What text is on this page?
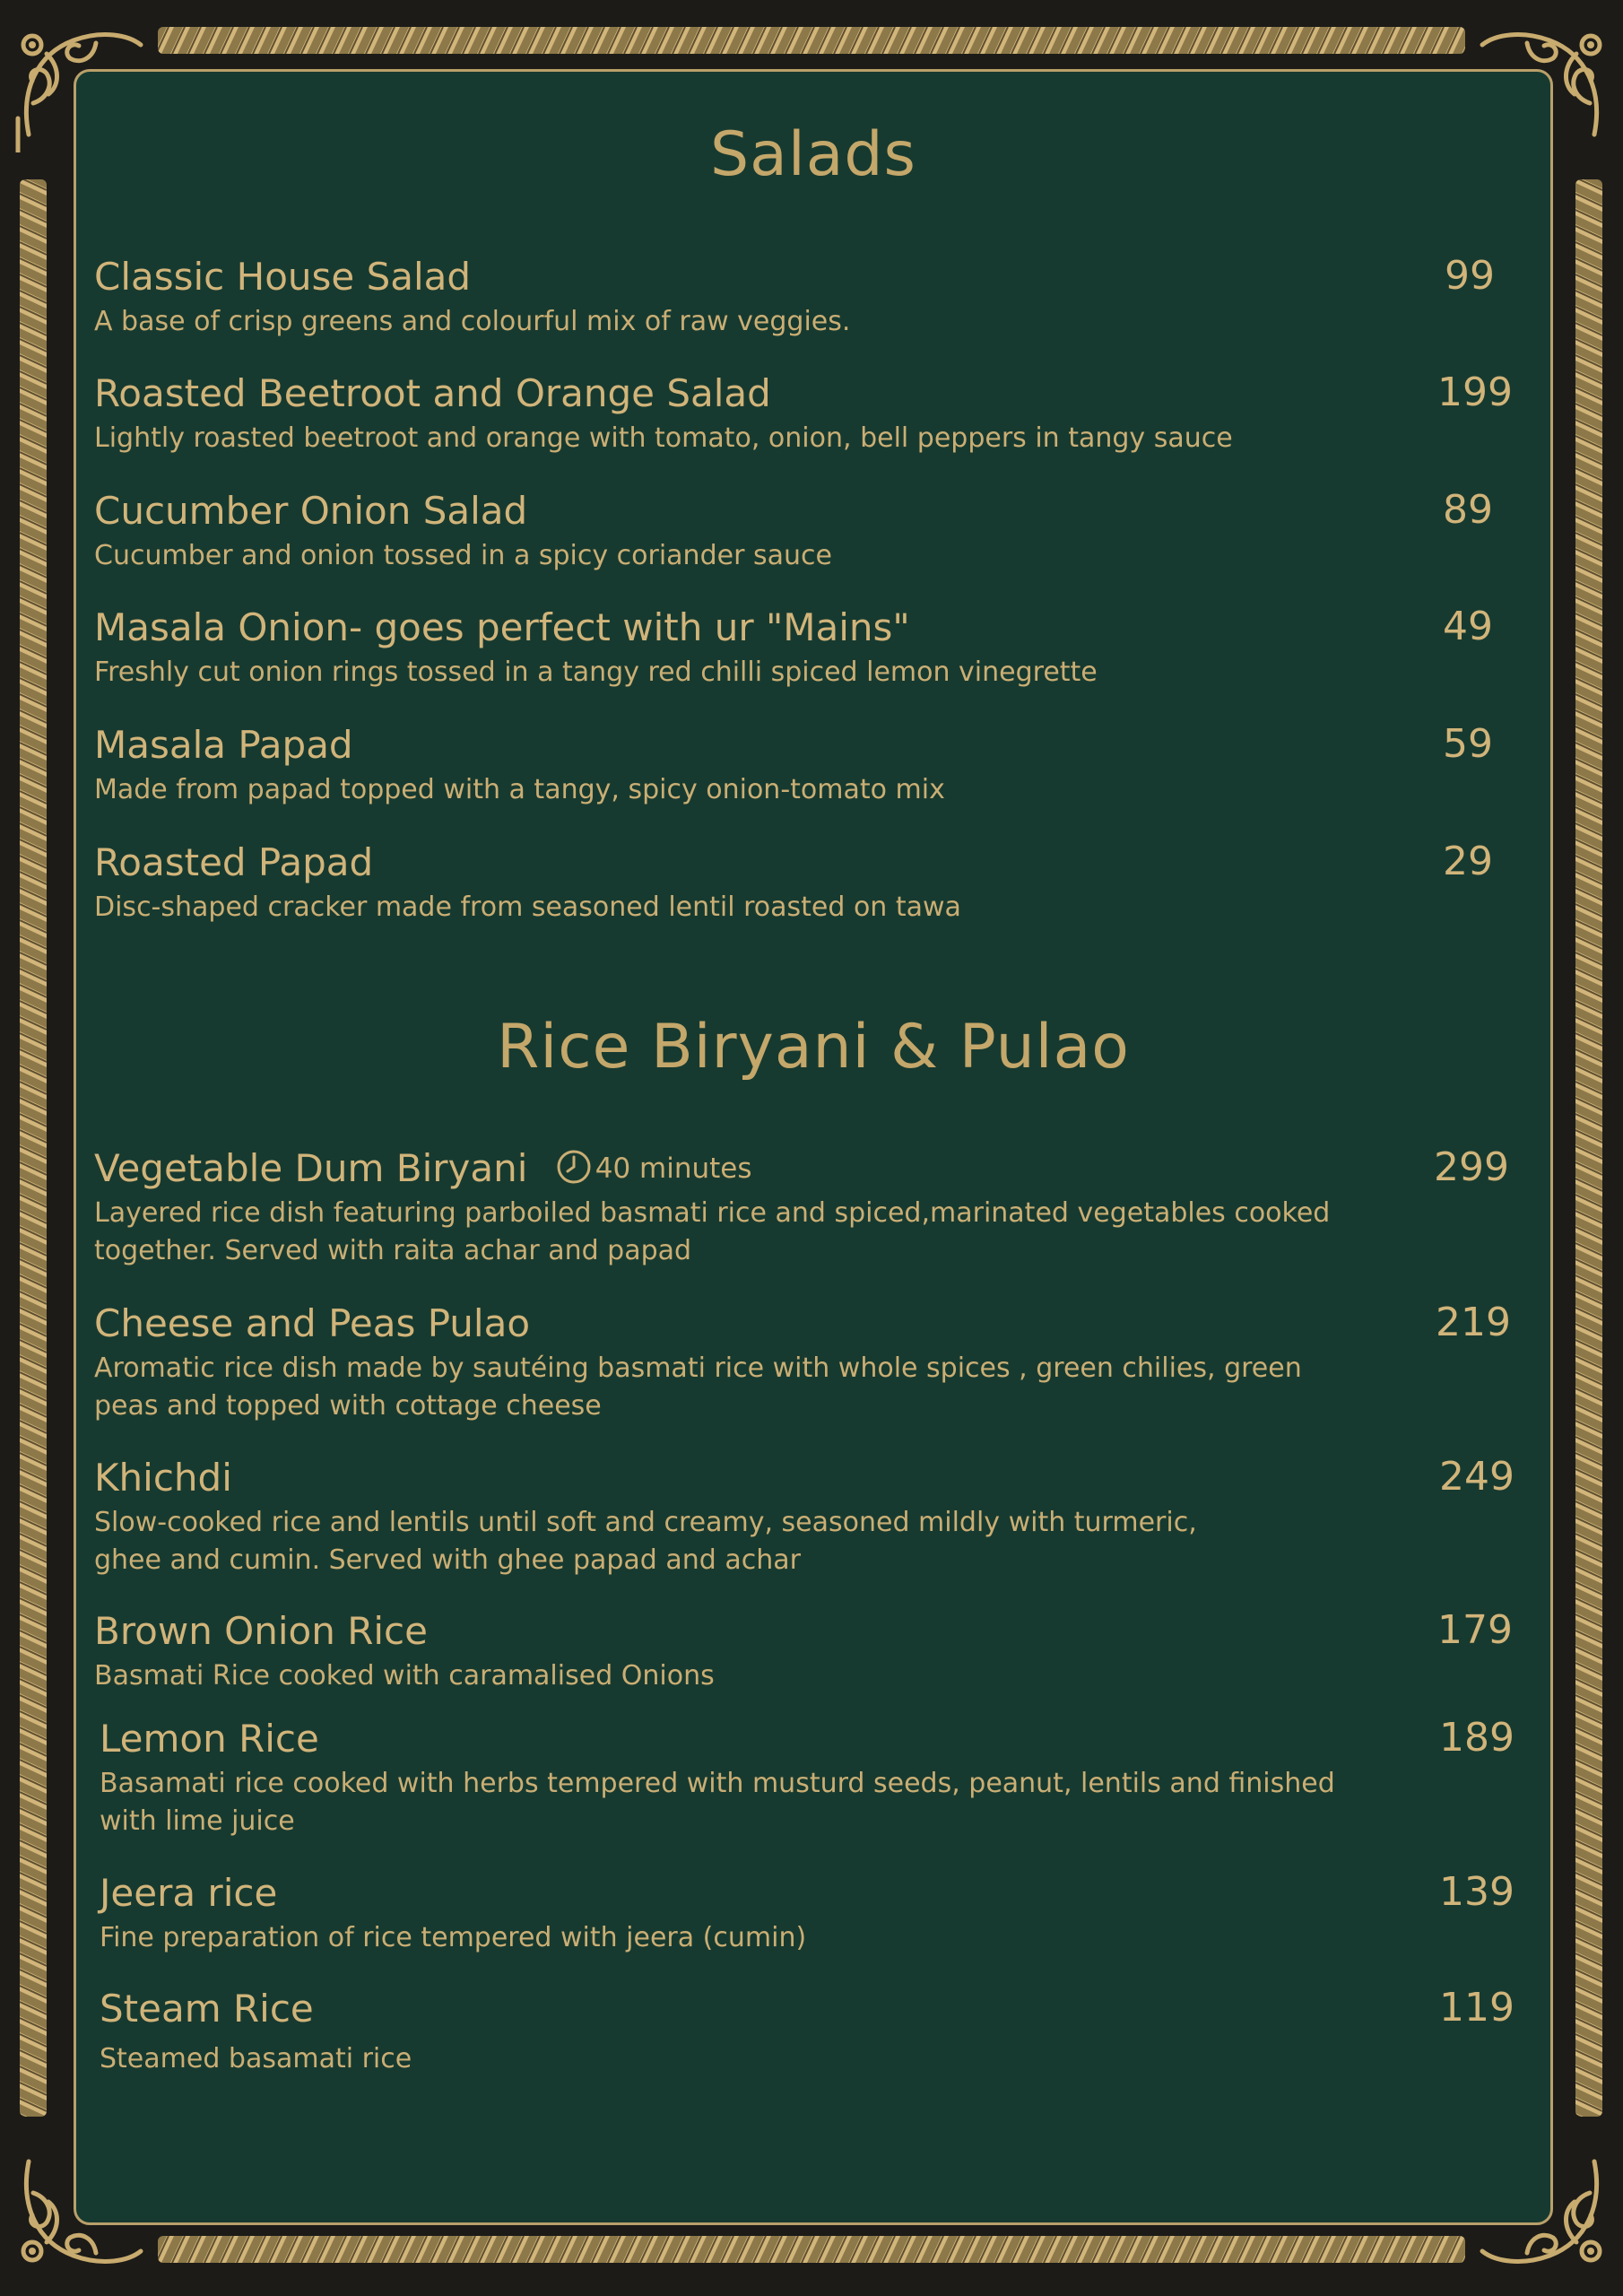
Salads
Classic House Salad
A base of crisp greens and colourful mix of raw veggies.
99
Roasted Beetroot and Orange Salad
Lightly roasted beetroot and orange with tomato, onion, bell peppers in tangy sauce
199
Cucumber Onion Salad
Cucumber and onion tossed in a spicy coriander sauce
89
Masala Onion- goes perfect with ur "Mains"
Freshly cut onion rings tossed in a tangy red chilli spiced lemon vinegrette
49
Masala Papad
Made from papad topped with a tangy, spicy onion-tomato mix
59
Roasted Papad
Disc-shaped cracker made from seasoned lentil roasted on tawa
29
Rice Biryani & Pulao
Vegetable Dum Biryani 40 minutes
Layered rice dish featuring parboiled basmati rice and spiced,marinated vegetables cooked together. Served with raita achar and papad
299
Cheese and Peas Pulao
Aromatic rice dish made by sautéing basmati rice with whole spices , green chilies, green peas and topped with cottage cheese
219
Khichdi
Slow-cooked rice and lentils until soft and creamy, seasoned mildly with turmeric, ghee and cumin. Served with ghee papad and achar
249
Brown Onion Rice
Basmati Rice cooked with caramalised Onions
179
Lemon Rice
Basamati rice cooked with herbs tempered with musturd seeds, peanut, lentils and finished with lime juice
189
Jeera rice
Fine preparation of rice tempered with jeera (cumin)
139
Steam Rice
Steamed basamati rice
119
